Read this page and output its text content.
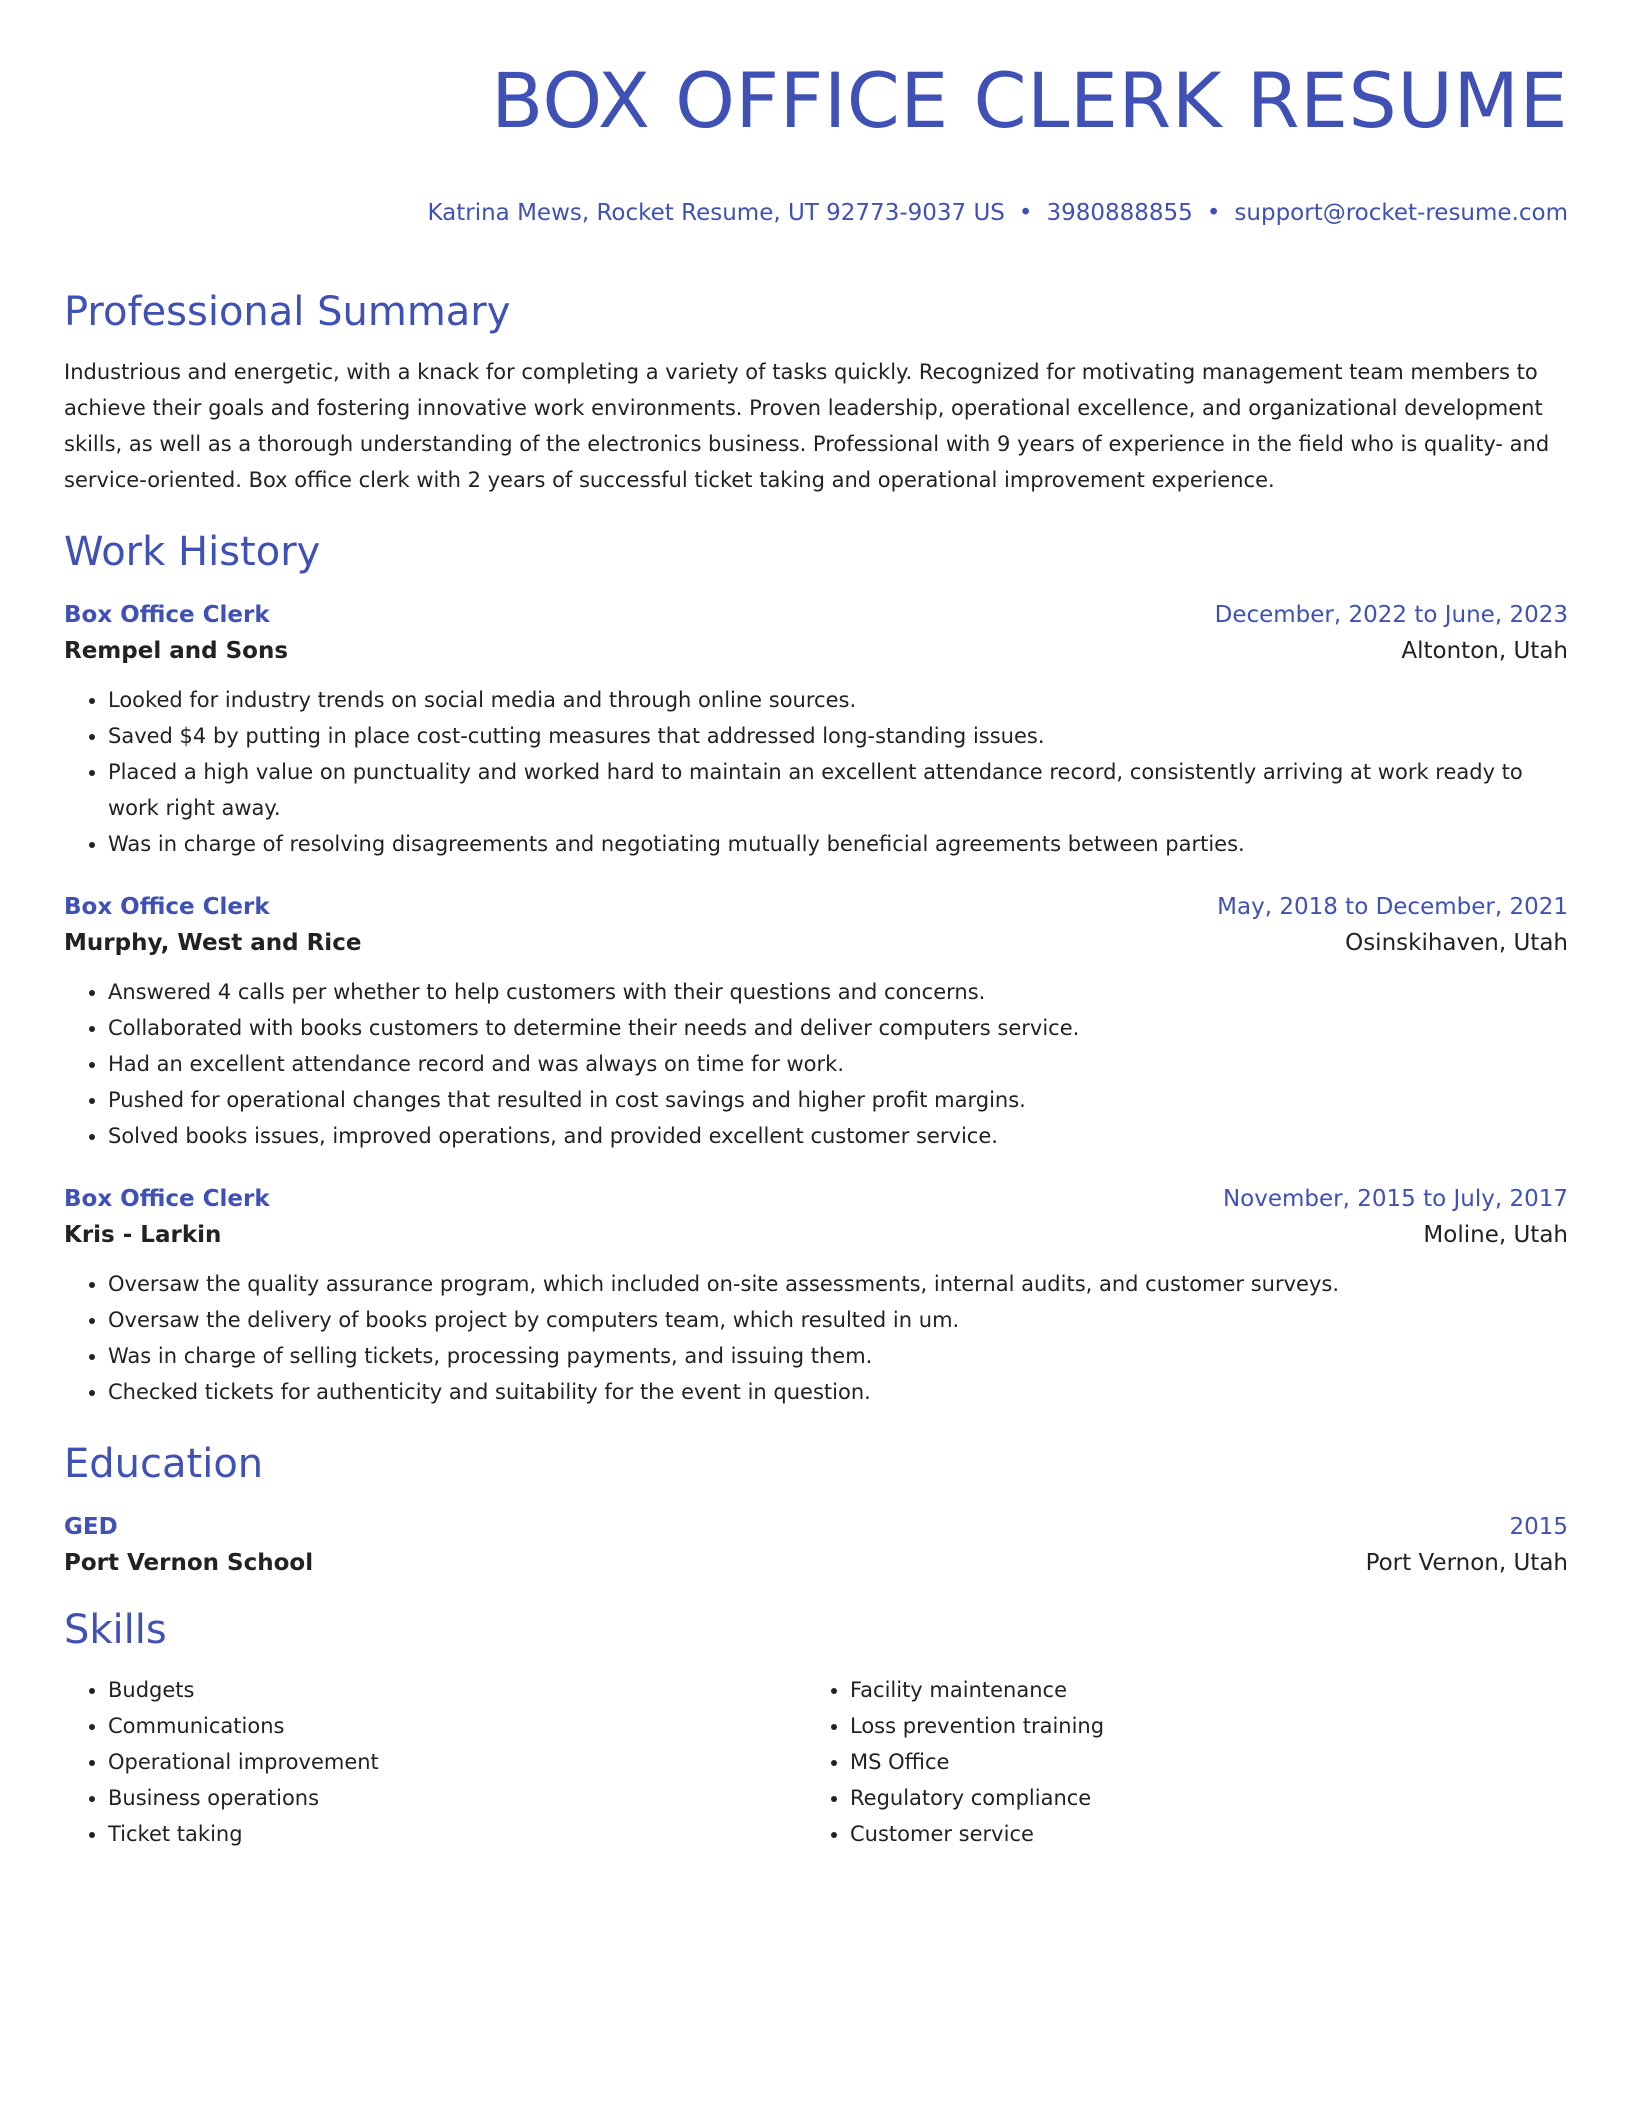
BOX OFFICE CLERK RESUME
Katrina Mews, Rocket Resume, UT 92773-9037 US • 3980888855 • support@rocket-resume.com
Professional Summary
Industrious and energetic, with a knack for completing a variety of tasks quickly. Recognized for motivating management team members to achieve their goals and fostering innovative work environments. Proven leadership, operational excellence, and organizational development skills, as well as a thorough understanding of the electronics business. Professional with 9 years of experience in the field who is quality- and service-oriented. Box office clerk with 2 years of successful ticket taking and operational improvement experience.
Work History
Box Office Clerk	December, 2022 to June, 2023
Rempel and Sons	Altonton, Utah
• Looked for industry trends on social media and through online sources.
• Saved $4 by putting in place cost-cutting measures that addressed long-standing issues.
• Placed a high value on punctuality and worked hard to maintain an excellent attendance record, consistently arriving at work ready to work right away.
• Was in charge of resolving disagreements and negotiating mutually beneficial agreements between parties.
Box Office Clerk	May, 2018 to December, 2021
Murphy, West and Rice	Osinskihaven, Utah
• Answered 4 calls per whether to help customers with their questions and concerns.
• Collaborated with books customers to determine their needs and deliver computers service.
• Had an excellent attendance record and was always on time for work.
• Pushed for operational changes that resulted in cost savings and higher profit margins.
• Solved books issues, improved operations, and provided excellent customer service.
Box Office Clerk	November, 2015 to July, 2017
Kris - Larkin	Moline, Utah
• Oversaw the quality assurance program, which included on-site assessments, internal audits, and customer surveys.
• Oversaw the delivery of books project by computers team, which resulted in um.
• Was in charge of selling tickets, processing payments, and issuing them.
• Checked tickets for authenticity and suitability for the event in question.
Education
GED	2015
Port Vernon School	Port Vernon, Utah
Skills
• Budgets
• Communications
• Operational improvement
• Business operations
• Ticket taking
• Facility maintenance
• Loss prevention training
• MS Office
• Regulatory compliance
• Customer service
